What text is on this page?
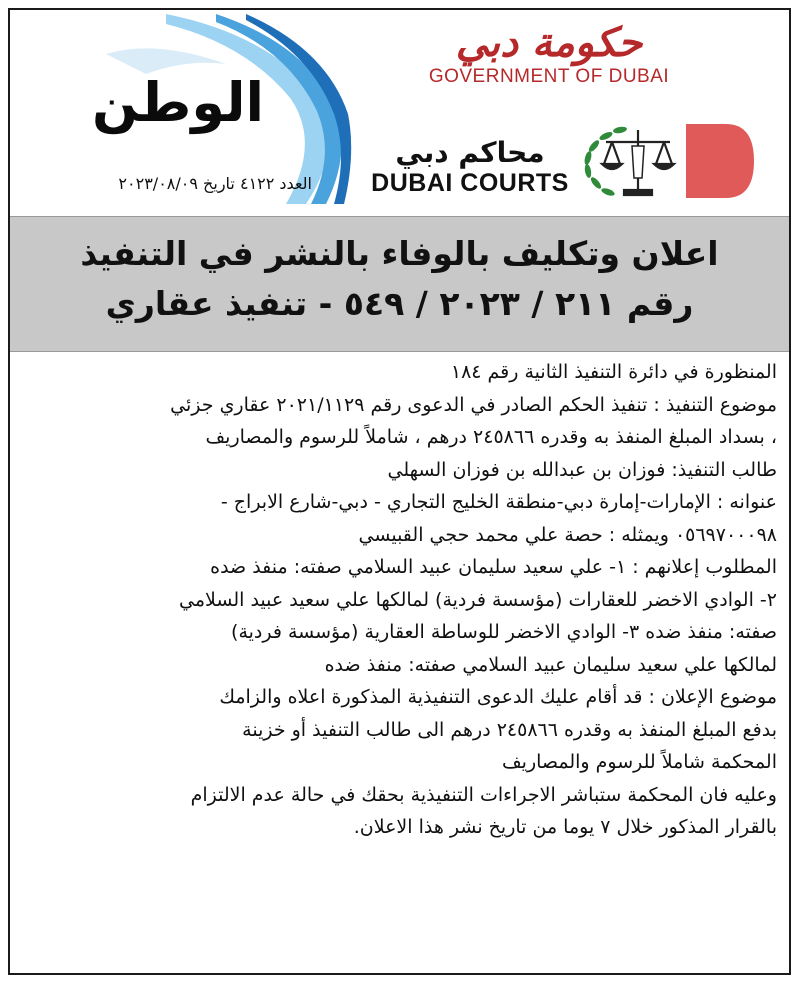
الوطن
العدد ٤١٢٢ تاريخ ٢٠٢٣/٠٨/٠٩
حكومة دبي
GOVERNMENT OF DUBAI
محاكم دبي
DUBAI COURTS
اعلان وتكليف بالوفاء بالنشر في التنفيذ
رقم ٢١١ / ٢٠٢٣ / ٥٤٩ - تنفيذ عقاري

المنظورة في دائرة التنفيذ الثانية رقم ١٨٤

موضوع التنفيذ : تنفيذ الحكم الصادر في الدعوى رقم ٢٠٢١/١١٢٩ عقاري جزئي

، بسداد المبلغ المنفذ به وقدره ٢٤٥٨٦٦ درهم ، شاملاً للرسوم والمصاريف

طالب التنفيذ: فوزان بن عبدالله بن فوزان السهلي

عنوانه : الإمارات-إمارة دبي-منطقة الخليج التجاري - دبي-شارع الابراج -

٠٥٦٩٧٠٠٠٩٨ ويمثله : حصة علي محمد حجي القبيسي

المطلوب إعلانهم : ١- علي سعيد سليمان عبيد السلامي صفته: منفذ ضده

٢- الوادي الاخضر للعقارات (مؤسسة فردية) لمالكها علي سعيد عبيد السلامي

صفته: منفذ ضده ٣- الوادي الاخضر للوساطة العقارية (مؤسسة فردية)

لمالكها علي سعيد سليمان عبيد السلامي صفته: منفذ ضده

موضوع الإعلان : قد أقام عليك الدعوى التنفيذية المذكورة اعلاه والزامك

بدفع المبلغ المنفذ به وقدره ٢٤٥٨٦٦ درهم الى طالب التنفيذ أو خزينة

المحكمة شاملاً للرسوم والمصاريف

وعليه فان المحكمة ستباشر الاجراءات التنفيذية بحقك في حالة عدم الالتزام

بالقرار المذكور خلال ٧ يوما من تاريخ نشر هذا الاعلان.
